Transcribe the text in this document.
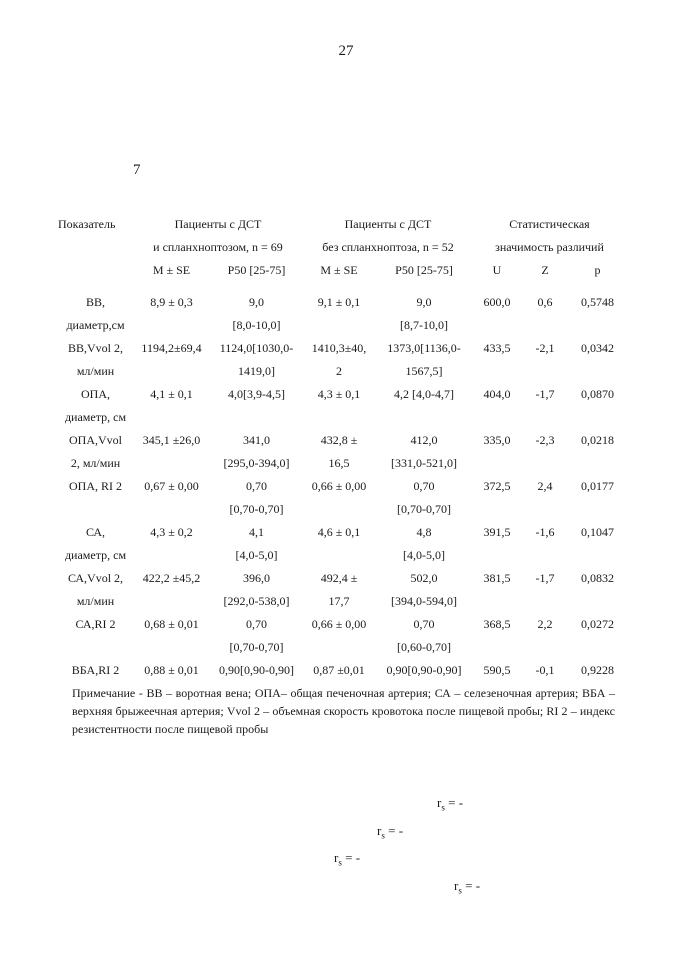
27
7
Показатель	Пациенты с ДСТ		Пациенты с ДСТ		Статистическая		
	и спланхноптозом, n = 69		без спланхноптоза, n = 52		значимость различий		
	M ± SE	P50 [25-75]	M ± SE	P50 [25-75]	U	Z	p
ВВ,	8,9 ± 0,3	9,0	9,1 ± 0,1	9,0	600,0	0,6	0,5748
диаметр,см		[8,0-10,0]		[8,7-10,0]			
ВВ,Vvol 2,	1194,2±69,4	1124,0[1030,0-	1410,3±40,	1373,0[1136,0-	433,5	-2,1	0,0342
мл/мин		1419,0]	2	1567,5]			
ОПА,	4,1 ± 0,1	4,0[3,9-4,5]	4,3 ± 0,1	4,2 [4,0-4,7]	404,0	-1,7	0,0870
диаметр, см							
ОПА,Vvol	345,1 ±26,0	341,0	432,8 ±	412,0	335,0	-2,3	0,0218
2, мл/мин		[295,0-394,0]	16,5	[331,0-521,0]			
ОПА, RI 2	0,67 ± 0,00	0,70	0,66 ± 0,00	0,70	372,5	2,4	0,0177
		[0,70-0,70]		[0,70-0,70]			
СА,	4,3 ± 0,2	4,1	4,6 ± 0,1	4,8	391,5	-1,6	0,1047
диаметр, см		[4,0-5,0]		[4,0-5,0]			
СА,Vvol 2,	422,2 ±45,2	396,0	492,4 ±	502,0	381,5	-1,7	0,0832
мл/мин		[292,0-538,0]	17,7	[394,0-594,0]			
СА,RI 2	0,68 ± 0,01	0,70	0,66 ± 0,00	0,70	368,5	2,2	0,0272
		[0,70-0,70]		[0,60-0,70]			
ВБА,RI 2	0,88 ± 0,01	0,90[0,90-0,90]	0,87 ±0,01	0,90[0,90-0,90]	590,5	-0,1	0,9228

Примечание - ВВ – воротная вена; ОПА– общая печеночная артерия; СА – селезеночная артерия; ВБА – верхняя брыжеечная артерия; Vvol 2 – объемная скорость кровотока после пищевой пробы; RI 2 – индекс резистентности после пищевой пробы
$r_s$ = -
$r_s$ = -
$r_s$ = -
$r_s$ = -
